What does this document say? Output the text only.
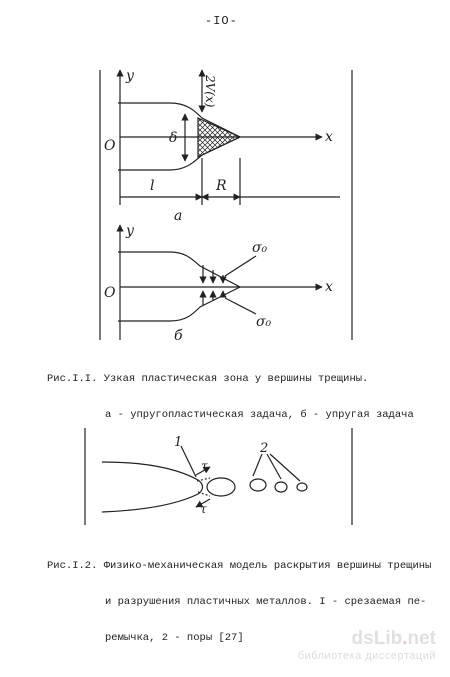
-IO-
y
x
O	δ
2V(x)
l	R
a
y
x
O
σ₀
σ₀
б
1	2
τ
τ

Рис.I.I. Узкая пластическая зона у вершины трещины.

а - упругопластическая задача, б - упругая задача

Рис.I.2. Физико-механическая модель раскрытия вершины трещины

и разрушения пластичных металлов. I - срезаемая пе-

ремычка, 2 - поры [27]	dsLib.net
библиотека диссертаций
